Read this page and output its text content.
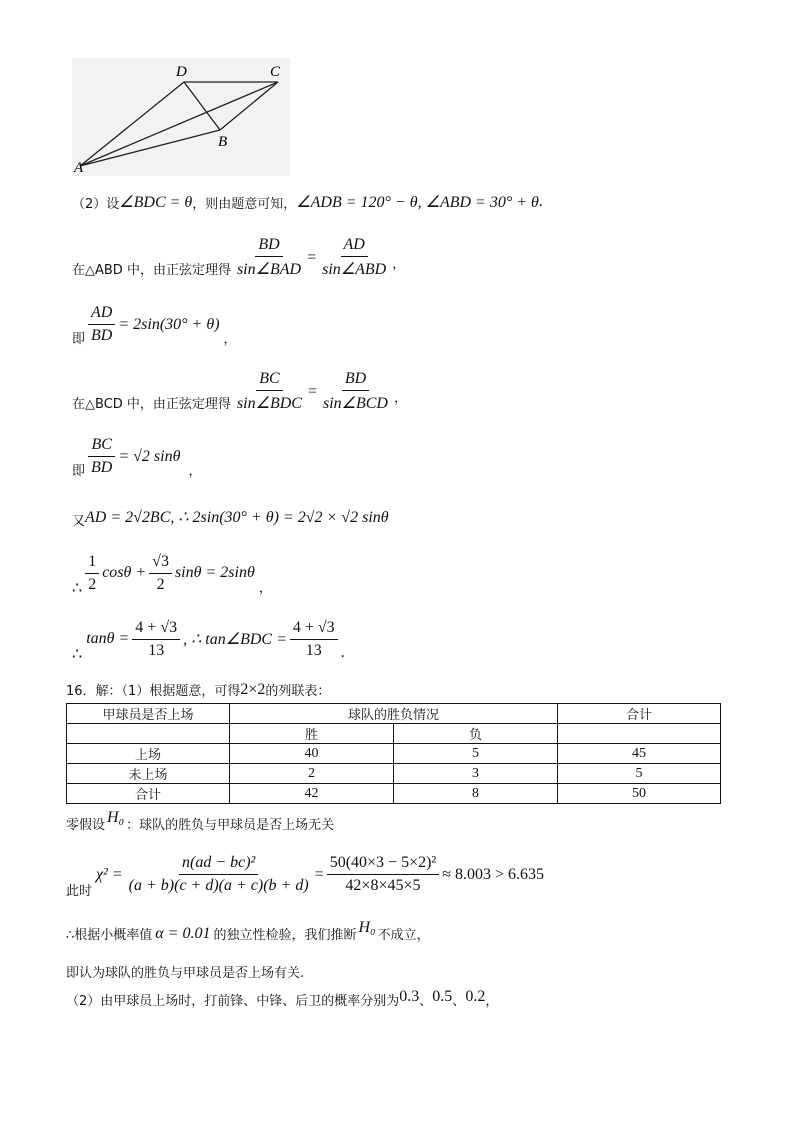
A
B
C
D
（2）设 ∠BDC = θ ，则由题意可知， ∠ADB = 120° − θ, ∠ABD = 30° + θ .
在△ABD 中，由正弦定理得 $\frac{BD}{\text{sin∠BAD}} = \frac{AD}{\text{sin∠ABD}}$ ，
即 $\frac{AD}{BD} = 2\sin(30^\circ + \theta)$
，
在△BCD 中，由正弦定理得 $\frac{BC}{\text{sin∠BDC}} = \frac{BD}{\text{sin∠BCD}}$ ，
即 $\frac{BC}{BD} = √2$ sinθ
，
又 AD = 2√2BC, ∴ 2sin(30° + θ) = 2√2 × √2 sinθ
∴ $\frac{1}{2}$ $\cos\theta + \frac{√3}{2}$ sinθ = 2sinθ
，
∴
$\tan\theta = \frac{4 + √3}{13}$ , ∴ tan∠BDC = $\frac{4 + √3}{13}$ .
16．解：（1）根据题意，可得 2×2 的列联表：
甲球员是否上场	球队的胜负情况		合计
	胜	负	
上场	40	5	45
未上场	2	3	5
合计	42	8	50
零假设 H₀ ：球队的胜负与甲球员是否上场无关
此时
$\chi^2 = \frac{\text{n(ad − bc)²}}{(a + b)(c + d)(a + c)(b + d)} = \frac{\text{50(40×3 − 5×2)²}}{42\times 8\times 45\times 5} \approx 8.003 > 6.635$
∴根据小概率值 α = 0.01 的独立性检验，我们推断 H₀ 不成立，
即认为球队的胜负与甲球员是否上场有关.
（2）由甲球员上场时，打前锋、中锋、后卫的概率分别为 0.3 、 0.5 、 0.2 ，
